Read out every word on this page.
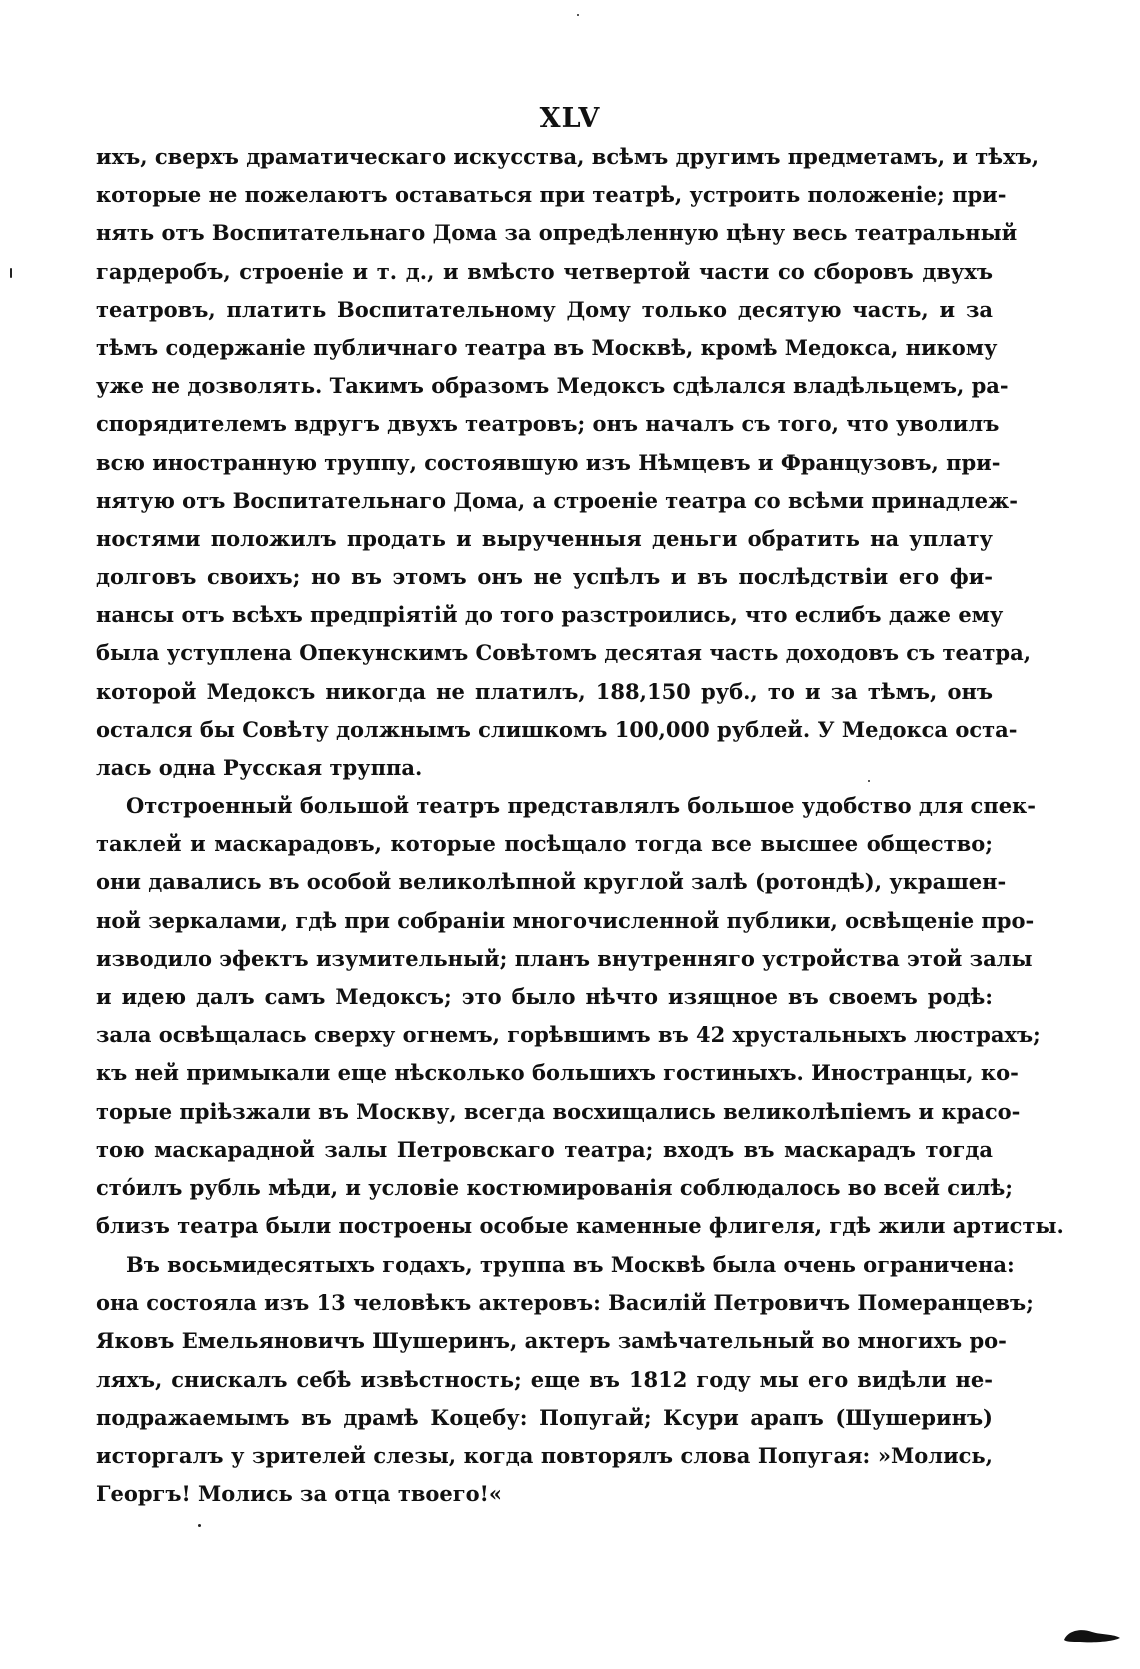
XLV
ихъ, сверхъ драматическаго искусства, всѣмъ другимъ предметамъ, и тѣхъ,
которые не пожелаютъ оставаться при театрѣ, устроить положеніе; при-
нять отъ Воспитательнаго Дома за опредѣленную цѣну весь театральный
гардеробъ, строеніе и т. д., и вмѣсто четвертой части со сборовъ двухъ
театровъ, платить Воспитательному Дому только десятую часть, и за
тѣмъ содержаніе публичнаго театра въ Москвѣ, кромѣ Медокса, никому
уже не дозволять. Такимъ образомъ Медоксъ сдѣлался владѣльцемъ, ра-
спорядителемъ вдругъ двухъ театровъ; онъ началъ съ того, что уволилъ
всю иностранную труппу, состоявшую изъ Нѣмцевъ и Французовъ, при-
нятую отъ Воспитательнаго Дома, а строеніе театра со всѣми принадлеж-
ностями положилъ продать и вырученныя деньги обратить на уплату
долговъ своихъ; но въ этомъ онъ не успѣлъ и въ послѣдствіи его фи-
нансы отъ всѣхъ предпріятій до того разстроились, что еслибъ даже ему
была уступлена Опекунскимъ Совѣтомъ десятая часть доходовъ съ театра,
которой Медоксъ никогда не платилъ, 188,150 руб., то и за тѣмъ, онъ
остался бы Совѣту должнымъ слишкомъ 100,000 рублей. У Медокса оста-
лась одна Русская труппа.
Отстроенный большой театръ представлялъ большое удобство для спек-
таклей и маскарадовъ, которые посѣщало тогда все высшее общество;
они давались въ особой великолѣпной круглой залѣ (ротондѣ), украшен-
ной зеркалами, гдѣ при собраніи многочисленной публики, освѣщеніе про-
изводило эфектъ изумительный; планъ внутренняго устройства этой залы
и идею далъ самъ Медоксъ; это было нѣчто изящное въ своемъ родѣ:
зала освѣщалась сверху огнемъ, горѣвшимъ въ 42 хрустальныхъ люстрахъ;
къ ней примыкали еще нѣсколько большихъ гостиныхъ. Иностранцы, ко-
торые пріѣзжали въ Москву, всегда восхищались великолѣпіемъ и красо-
тою маскарадной залы Петровскаго театра; входъ въ маскарадъ тогда
стóилъ рубль мѣди, и условіе костюмированія соблюдалось во всей силѣ;
близъ театра были построены особые каменные флигеля, гдѣ жили артисты.
Въ восьмидесятыхъ годахъ, труппа въ Москвѣ была очень ограничена:
она состояла изъ 13 человѣкъ актеровъ: Василій Петровичъ Померанцевъ;
Яковъ Емельяновичъ Шушеринъ, актеръ замѣчательный во многихъ ро-
ляхъ, снискалъ себѣ извѣстность; еще въ 1812 году мы его видѣли не-
подражаемымъ въ драмѣ Коцебу: Попугай; Ксури арапъ (Шушеринъ)
исторгалъ у зрителей слезы, когда повторялъ слова Попугая: »Молись,
Георгъ! Молись за отца твоего!«
